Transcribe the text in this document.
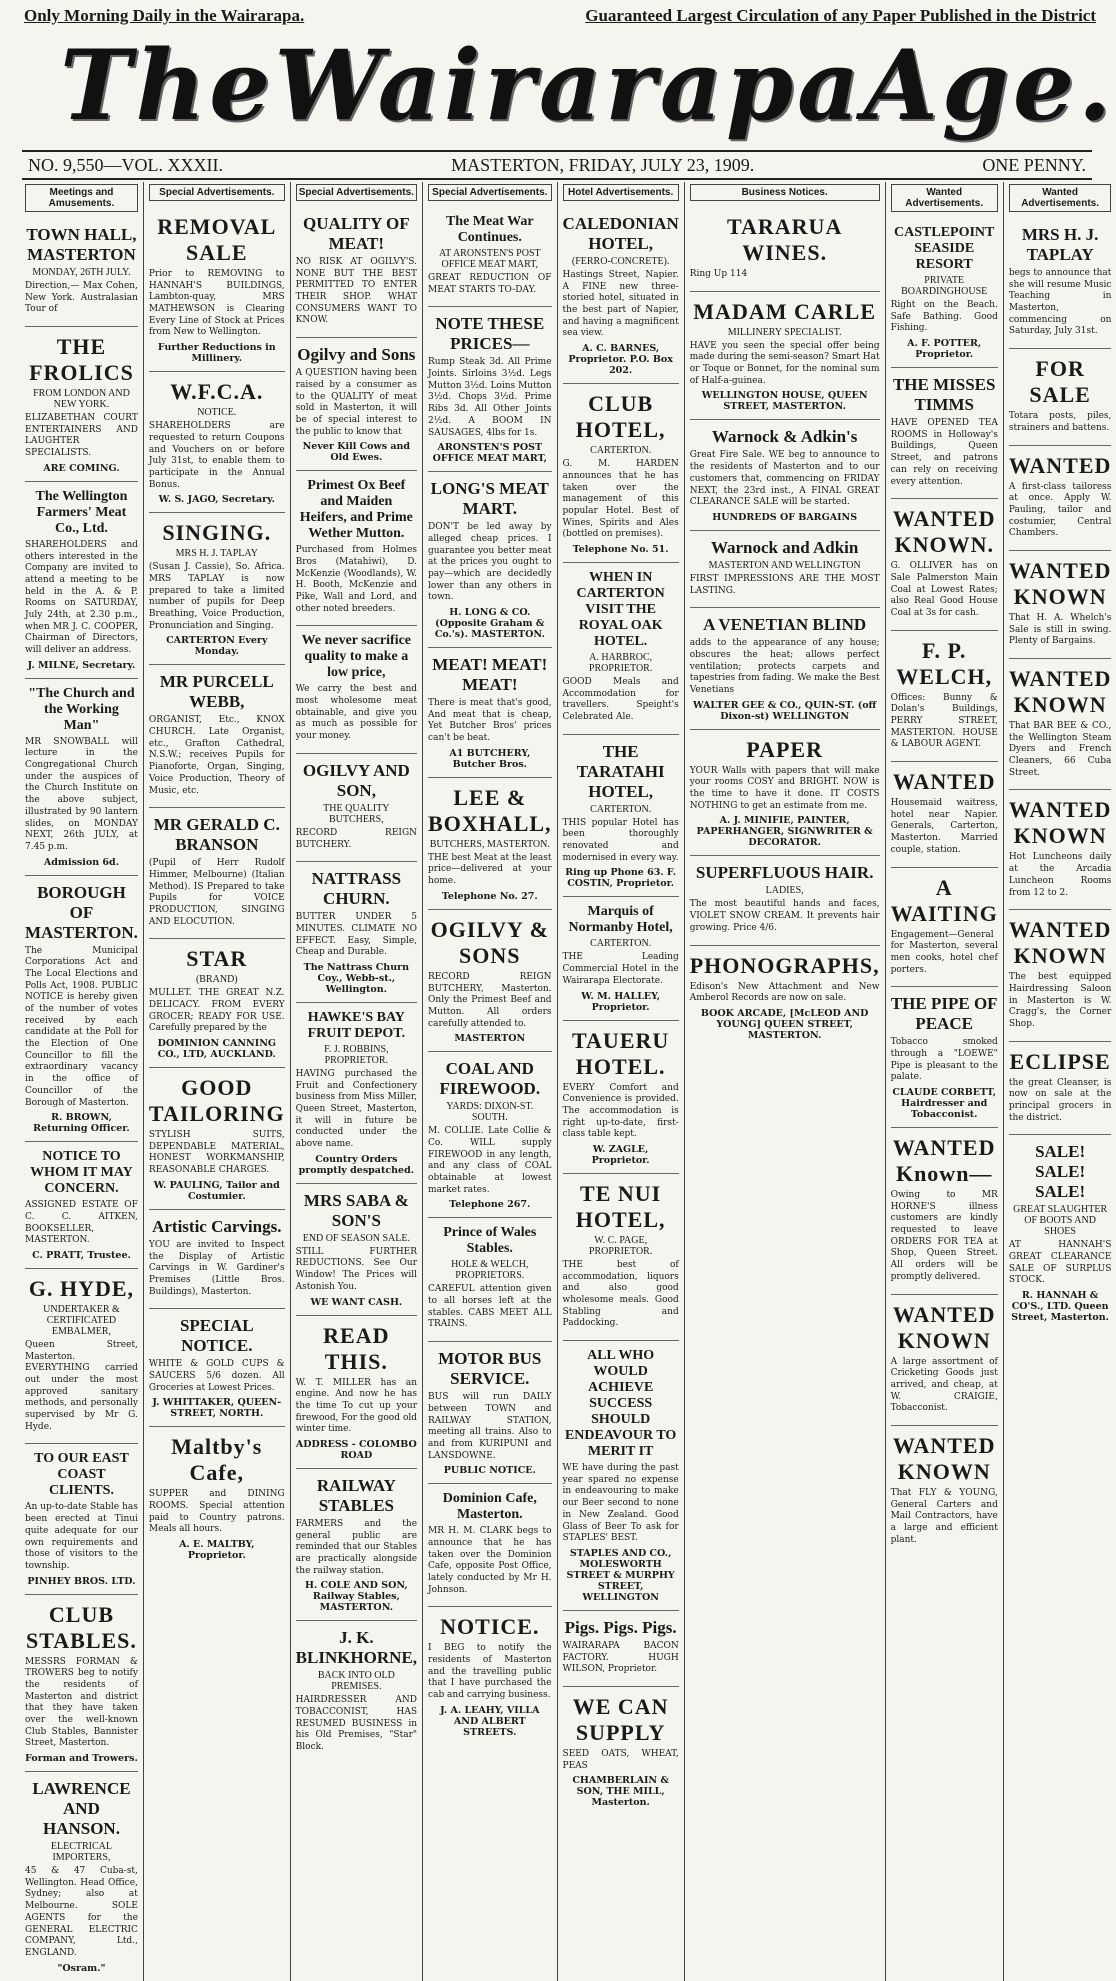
Only Morning Daily in the Wairarapa.	Guaranteed Largest Circulation of any Paper Published in the District
The Wairarapa Age.
NO. 9,550—VOL. XXXII.	MASTERTON, FRIDAY, JULY 23, 1909.	ONE PENNY.
Meetings and Amusements.
TOWN HALL, MASTERTON
MONDAY, 26TH JULY.
Direction,— Max Cohen, New York. Australasian Tour of
THE FROLICS
FROM LONDON AND NEW YORK.
ELIZABETHAN COURT ENTERTAINERS AND LAUGHTER SPECIALISTS.
ARE COMING.
The Wellington Farmers' Meat Co., Ltd.
SHAREHOLDERS and others interested in the Company are invited to attend a meeting to be held in the A. & P. Rooms on SATURDAY, July 24th, at 2.30 p.m., when MR J. C. COOPER, Chairman of Directors, will deliver an address.
J. MILNE, Secretary.
"The Church and the Working Man"
MR SNOWBALL will lecture in the Congregational Church under the auspices of the Church Institute on the above subject, illustrated by 90 lantern slides, on MONDAY NEXT, 26th JULY, at 7.45 p.m.
Admission 6d.
BOROUGH OF MASTERTON.
The Municipal Corporations Act and The Local Elections and Polls Act, 1908. PUBLIC NOTICE is hereby given of the number of votes received by each candidate at the Poll for the Election of One Councillor to fill the extraordinary vacancy in the office of Councillor of the Borough of Masterton.
R. BROWN, Returning Officer.
NOTICE TO WHOM IT MAY CONCERN.
ASSIGNED ESTATE OF C. C. AITKEN, BOOKSELLER, MASTERTON.
C. PRATT, Trustee.
G. HYDE,
UNDERTAKER & CERTIFICATED EMBALMER,
Queen Street, Masterton. EVERYTHING carried out under the most approved sanitary methods, and personally supervised by Mr G. Hyde.
TO OUR EAST COAST CLIENTS.
An up-to-date Stable has been erected at Tinui quite adequate for our own requirements and those of visitors to the township.
PINHEY BROS. LTD.
CLUB STABLES.
MESSRS FORMAN & TROWERS beg to notify the residents of Masterton and district that they have taken over the well-known Club Stables, Bannister Street, Masterton.
Forman and Trowers.
LAWRENCE AND HANSON.
ELECTRICAL IMPORTERS,
45 & 47 Cuba-st, Wellington. Head Office, Sydney; also at Melbourne. SOLE AGENTS for the GENERAL ELECTRIC COMPANY, Ltd., ENGLAND.
"Osram."
Special Advertisements.
REMOVAL SALE
Prior to REMOVING to HANNAH'S BUILDINGS, Lambton-quay, MRS MATHEWSON is Clearing Every Line of Stock at Prices from New to Wellington.
Further Reductions in Millinery.
W.F.C.A.
NOTICE.
SHAREHOLDERS are requested to return Coupons and Vouchers on or before July 31st, to enable them to participate in the Annual Bonus.
W. S. JAGO, Secretary.
SINGING.
MRS H. J. TAPLAY
(Susan J. Cassie), So. Africa. MRS TAPLAY is now prepared to take a limited number of pupils for Deep Breathing, Voice Production, Pronunciation and Singing.
CARTERTON Every Monday.
MR PURCELL WEBB,
ORGANIST, Etc., KNOX CHURCH. Late Organist, etc., Grafton Cathedral, N.S.W.; receives Pupils for Pianoforte, Organ, Singing, Voice Production, Theory of Music, etc.
MR GERALD C. BRANSON
(Pupil of Herr Rudolf Himmer, Melbourne) (Italian Method). IS Prepared to take Pupils for VOICE PRODUCTION, SINGING AND ELOCUTION.
STAR
(BRAND)
MULLET. THE GREAT N.Z. DELICACY. FROM EVERY GROCER; READY FOR USE. Carefully prepared by the
DOMINION CANNING CO., LTD, AUCKLAND.
GOOD TAILORING
STYLISH SUITS, DEPENDABLE MATERIAL, HONEST WORKMANSHIP, REASONABLE CHARGES.
W. PAULING, Tailor and Costumier.
Artistic Carvings.
YOU are invited to Inspect the Display of Artistic Carvings in W. Gardiner's Premises (Little Bros. Buildings), Masterton.
SPECIAL NOTICE.
WHITE & GOLD CUPS & SAUCERS 5/6 dozen. All Groceries at Lowest Prices.
J. WHITTAKER, QUEEN-STREET, NORTH.
Maltby's Cafe,
SUPPER and DINING ROOMS. Special attention paid to Country patrons. Meals all hours.
A. E. MALTBY, Proprietor.
Special Advertisements.
QUALITY OF MEAT!
NO RISK AT OGILVY'S. NONE BUT THE BEST PERMITTED TO ENTER THEIR SHOP. WHAT CONSUMERS WANT TO KNOW.
Ogilvy and Sons
A QUESTION having been raised by a consumer as to the QUALITY of meat sold in Masterton, it will be of special interest to the public to know that
Never Kill Cows and Old Ewes.
Primest Ox Beef and Maiden Heifers, and Prime Wether Mutton.
Purchased from Holmes Bros (Matahiwi), D. McKenzie (Woodlands), W. H. Booth, McKenzie and Pike, Wall and Lord, and other noted breeders.
We never sacrifice quality to make a low price,
We carry the best and most wholesome meat obtainable, and give you as much as possible for your money.
OGILVY AND SON,
THE QUALITY BUTCHERS,
RECORD REIGN BUTCHERY.
NATTRASS CHURN.
BUTTER UNDER 5 MINUTES. CLIMATE NO EFFECT. Easy, Simple, Cheap and Durable.
The Nattrass Churn Coy., Webb-st., Wellington.
HAWKE'S BAY FRUIT DEPOT.
F. J. ROBBINS, PROPRIETOR.
HAVING purchased the Fruit and Confectionery business from Miss Miller, Queen Street, Masterton, it will in future be conducted under the above name.
Country Orders promptly despatched.
MRS SABA & SON'S
END OF SEASON SALE.
STILL FURTHER REDUCTIONS. See Our Window! The Prices will Astonish You.
WE WANT CASH.
READ THIS.
W. T. MILLER has an engine. And now he has the time To cut up your firewood, For the good old winter time.
ADDRESS - COLOMBO ROAD
RAILWAY STABLES
FARMERS and the general public are reminded that our Stables are practically alongside the railway station.
H. COLE AND SON, Railway Stables, MASTERTON.
J. K. BLINKHORNE,
BACK INTO OLD PREMISES.
HAIRDRESSER AND TOBACCONIST, HAS RESUMED BUSINESS in his Old Premises, "Star" Block.
Special Advertisements.
The Meat War Continues.
AT ARONSTEN'S POST OFFICE MEAT MART,
GREAT REDUCTION OF MEAT STARTS TO-DAY.
NOTE THESE PRICES—
Rump Steak 3d. All Prime Joints. Sirloins 3½d. Legs Mutton 3½d. Loins Mutton 3½d. Chops 3½d. Prime Ribs 3d. All Other Joints 2½d. A BOOM IN SAUSAGES, 4lbs for 1s.
ARONSTEN'S POST OFFICE MEAT MART,
LONG'S MEAT MART.
DON'T be led away by alleged cheap prices. I guarantee you better meat at the prices you ought to pay—which are decidedly lower than any others in town.
H. LONG & CO. (Opposite Graham & Co.'s). MASTERTON.
MEAT! MEAT! MEAT!
There is meat that's good, And meat that is cheap, Yet Butcher Bros' prices can't be beat.
A1 BUTCHERY, Butcher Bros.
LEE & BOXHALL,
BUTCHERS, MASTERTON.
THE best Meat at the least price—delivered at your home.
Telephone No. 27.
OGILVY & SONS
RECORD REIGN BUTCHERY, Masterton. Only the Primest Beef and Mutton. All orders carefully attended to.
MASTERTON
COAL AND FIREWOOD.
YARDS: DIXON-ST. SOUTH.
M. COLLIE. Late Collie & Co. WILL supply FIREWOOD in any length, and any class of COAL obtainable at lowest market rates.
Telephone 267.
Prince of Wales Stables.
HOLE & WELCH, PROPRIETORS.
CAREFUL attention given to all horses left at the stables. CABS MEET ALL TRAINS.
MOTOR BUS SERVICE.
BUS will run DAILY between TOWN and RAILWAY STATION, meeting all trains. Also to and from KURIPUNI and LANSDOWNE.
PUBLIC NOTICE.
Dominion Cafe, Masterton.
MR H. M. CLARK begs to announce that he has taken over the Dominion Cafe, opposite Post Office, lately conducted by Mr H. Johnson.
NOTICE.
I BEG to notify the residents of Masterton and the travelling public that I have purchased the cab and carrying business.
J. A. LEAHY, VILLA AND ALBERT STREETS.
Hotel Advertisements.
CALEDONIAN HOTEL,
(FERRO-CONCRETE).
Hastings Street, Napier. A FINE new three-storied hotel, situated in the best part of Napier, and having a magnificent sea view.
A. C. BARNES, Proprietor. P.O. Box 202.
CLUB HOTEL,
CARTERTON.
G. M. HARDEN announces that he has taken over the management of this popular Hotel. Best of Wines, Spirits and Ales (bottled on premises).
Telephone No. 51.
WHEN IN CARTERTON VISIT THE ROYAL OAK HOTEL.
A. HARBROC, PROPRIETOR.
GOOD Meals and Accommodation for travellers. Speight's Celebrated Ale.
THE TARATAHI HOTEL,
CARTERTON.
THIS popular Hotel has been thoroughly renovated and modernised in every way.
Ring up Phone 63. F. COSTIN, Proprietor.
Marquis of Normanby Hotel,
CARTERTON.
THE Leading Commercial Hotel in the Wairarapa Electorate.
W. M. HALLEY, Proprietor.
TAUERU HOTEL.
EVERY Comfort and Convenience is provided. The accommodation is right up-to-date, first-class table kept.
W. ZAGLE, Proprietor.
TE NUI HOTEL,
W. C. PAGE, PROPRIETOR.
THE best of accommodation, liquors and also good wholesome meals. Good Stabling and Paddocking.
ALL WHO WOULD ACHIEVE SUCCESS SHOULD ENDEAVOUR TO MERIT IT
WE have during the past year spared no expense in endeavouring to make our Beer second to none in New Zealand. Good Glass of Beer To ask for STAPLES' BEST.
STAPLES AND CO., MOLESWORTH STREET & MURPHY STREET, WELLINGTON
Pigs. Pigs. Pigs.
WAIRARAPA BACON FACTORY. HUGH WILSON, Proprietor.
WE CAN SUPPLY
SEED OATS, WHEAT, PEAS
CHAMBERLAIN & SON, THE MILL, Masterton.
Business Notices.
TARARUA WINES.
Ring Up 114
MADAM CARLE
MILLINERY SPECIALIST.
HAVE you seen the special offer being made during the semi-season? Smart Hat or Toque or Bonnet, for the nominal sum of Half-a-guinea.
WELLINGTON HOUSE, QUEEN STREET, MASTERTON.
Warnock & Adkin's
Great Fire Sale. WE beg to announce to the residents of Masterton and to our customers that, commencing on FRIDAY NEXT, the 23rd inst., A FINAL GREAT CLEARANCE SALE will be started.
HUNDREDS OF BARGAINS
Warnock and Adkin
MASTERTON AND WELLINGTON
FIRST IMPRESSIONS ARE THE MOST LASTING.
A VENETIAN BLIND
adds to the appearance of any house; obscures the heat; allows perfect ventilation; protects carpets and tapestries from fading. We make the Best Venetians
WALTER GEE & CO., QUIN-ST. (off Dixon-st) WELLINGTON
PAPER
YOUR Walls with papers that will make your rooms COSY and BRIGHT. NOW is the time to have it done. IT COSTS NOTHING to get an estimate from me.
A. J. MINIFIE, PAINTER, PAPERHANGER, SIGNWRITER & DECORATOR.
SUPERFLUOUS HAIR.
LADIES,
The most beautiful hands and faces, VIOLET SNOW CREAM. It prevents hair growing. Price 4/6.
PHONOGRAPHS,
Edison's New Attachment and New Amberol Records are now on sale.
BOOK ARCADE, [McLEOD AND YOUNG] QUEEN STREET, MASTERTON.
Wanted Advertisements.
CASTLEPOINT SEASIDE RESORT
PRIVATE BOARDINGHOUSE
Right on the Beach. Safe Bathing. Good Fishing.
A. F. POTTER, Proprietor.
THE MISSES TIMMS
HAVE OPENED TEA ROOMS in Holloway's Buildings, Queen Street, and patrons can rely on receiving every attention.
WANTED KNOWN.
G. OLLIVER has on Sale Palmerston Main Coal at Lowest Rates; also Real Good House Coal at 3s for cash.
F. P. WELCH,
Offices: Bunny & Dolan's Buildings, PERRY STREET, MASTERTON. HOUSE & LABOUR AGENT.
WANTED
Housemaid waitress, hotel near Napier. Generals, Carterton, Masterton. Married couple, station.
A WAITING
Engagement—General for Masterton, several men cooks, hotel chef porters.
THE PIPE OF PEACE
Tobacco smoked through a "LOEWE" Pipe is pleasant to the palate.
CLAUDE CORBETT, Hairdresser and Tobacconist.
WANTED Known—
Owing to MR HORNE'S illness customers are kindly requested to leave ORDERS FOR TEA at Shop, Queen Street. All orders will be promptly delivered.
WANTED KNOWN
A large assortment of Cricketing Goods just arrived, and cheap, at W. CRAIGIE, Tobacconist.
WANTED KNOWN
That FLY & YOUNG, General Carters and Mail Contractors, have a large and efficient plant.
Wanted Advertisements.
MRS H. J. TAPLAY
begs to announce that she will resume Music Teaching in Masterton, commencing on Saturday, July 31st.
FOR SALE
Totara posts, piles, strainers and battens.
WANTED
A first-class tailoress at once. Apply W. Pauling, tailor and costumier, Central Chambers.
WANTED KNOWN
That H. A. Whelch's Sale is still in swing. Plenty of Bargains.
WANTED KNOWN
That BAR BEE & CO., the Wellington Steam Dyers and French Cleaners, 66 Cuba Street.
WANTED KNOWN
Hot Luncheons daily at the Arcadia Luncheon Rooms from 12 to 2.
WANTED KNOWN
The best equipped Hairdressing Saloon in Masterton is W. Cragg's, the Corner Shop.
ECLIPSE
the great Cleanser, is now on sale at the principal grocers in the district.
SALE! SALE! SALE!
GREAT SLAUGHTER OF BOOTS AND SHOES
AT HANNAH'S GREAT CLEARANCE SALE OF SURPLUS STOCK.
R. HANNAH & CO'S., LTD. Queen Street, Masterton.
